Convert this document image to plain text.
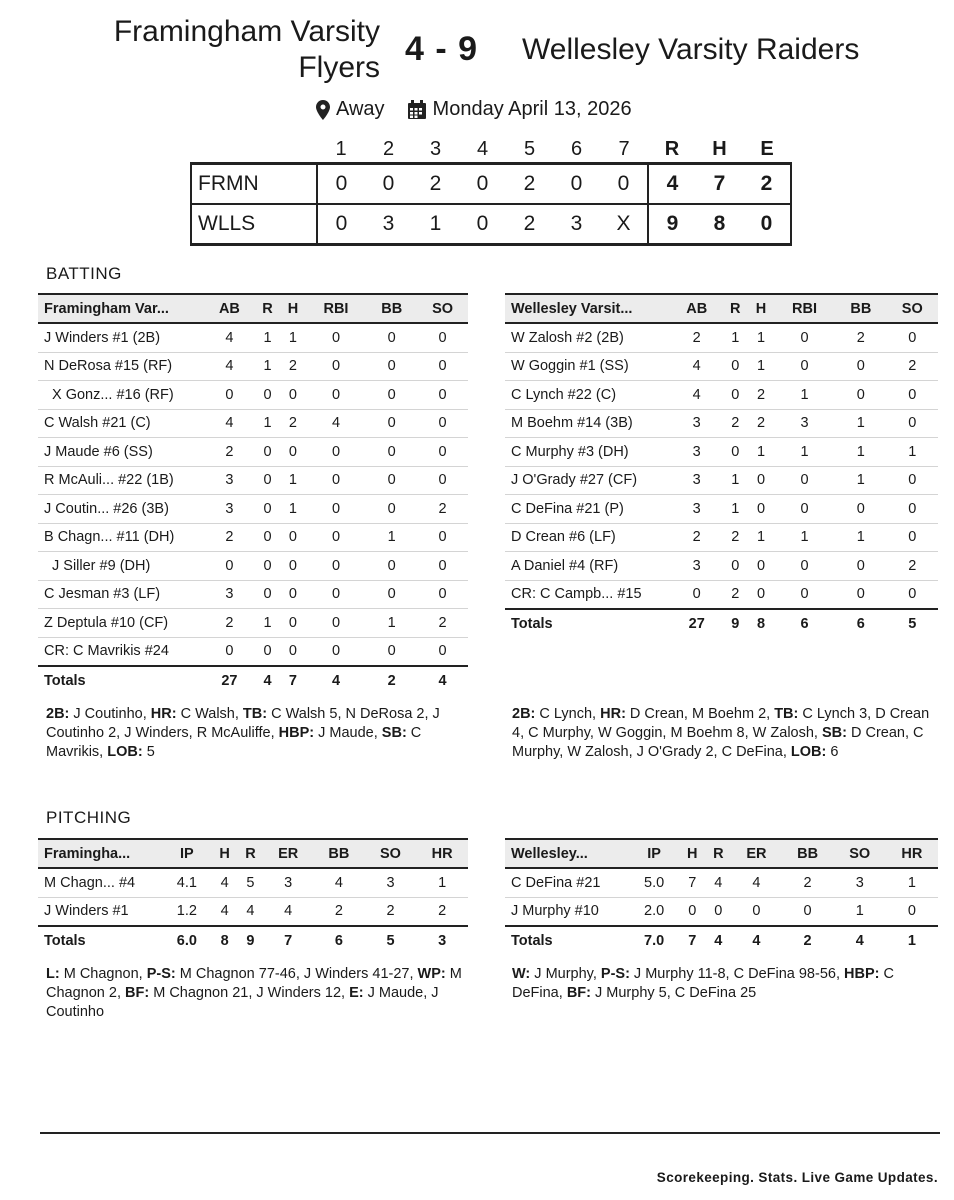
Framingham Varsity Flyers 4 - 9 Wellesley Varsity Raiders
Away Monday April 13, 2026
	1	2	3	4	5	6	7	R	H	E
FRMN	0	0	2	0	2	0	0	4	7	2
WLLS	0	3	1	0	2	3	X	9	8	0
BATTING
Framingham Var...	AB	R	H	RBI	BB	SO
J Winders #1 (2B)	4	1	1	0	0	0
N DeRosa #15 (RF)	4	1	2	0	0	0
X Gonz... #16 (RF)	0	0	0	0	0	0
C Walsh #21 (C)	4	1	2	4	0	0
J Maude #6 (SS)	2	0	0	0	0	0
R McAuli... #22 (1B)	3	0	1	0	0	0
J Coutin... #26 (3B)	3	0	1	0	0	2
B Chagn... #11 (DH)	2	0	0	0	1	0
J Siller #9 (DH)	0	0	0	0	0	0
C Jesman #3 (LF)	3	0	0	0	0	0
Z Deptula #10 (CF)	2	1	0	0	1	2
CR: C Mavrikis #24	0	0	0	0	0	0
Totals	27	4	7	4	2	4
Wellesley Varsit...	AB	R	H	RBI	BB	SO
W Zalosh #2 (2B)	2	1	1	0	2	0
W Goggin #1 (SS)	4	0	1	0	0	2
C Lynch #22 (C)	4	0	2	1	0	0
M Boehm #14 (3B)	3	2	2	3	1	0
C Murphy #3 (DH)	3	0	1	1	1	1
J O'Grady #27 (CF)	3	1	0	0	1	0
C DeFina #21 (P)	3	1	0	0	0	0
D Crean #6 (LF)	2	2	1	1	1	0
A Daniel #4 (RF)	3	0	0	0	0	2
CR: C Campb... #15	0	2	0	0	0	0
Totals	27	9	8	6	6	5
2B: J Coutinho, HR: C Walsh, TB: C Walsh 5, N DeRosa 2, J Coutinho 2, J Winders, R McAuliffe, HBP: J Maude, SB: C Mavrikis, LOB: 5
2B: C Lynch, HR: D Crean, M Boehm 2, TB: C Lynch 3, D Crean 4, C Murphy, W Goggin, M Boehm 8, W Zalosh, SB: D Crean, C Murphy, W Zalosh, J O'Grady 2, C DeFina, LOB: 6
PITCHING
Framingha...	IP	H	R	ER	BB	SO	HR
M Chagn... #4	4.1	4	5	3	4	3	1
J Winders #1	1.2	4	4	4	2	2	2
Totals	6.0	8	9	7	6	5	3
Wellesley...	IP	H	R	ER	BB	SO	HR
C DeFina #21	5.0	7	4	4	2	3	1
J Murphy #10	2.0	0	0	0	0	1	0
Totals	7.0	7	4	4	2	4	1
L: M Chagnon, P-S: M Chagnon 77-46, J Winders 41-27, WP: M Chagnon 2, BF: M Chagnon 21, J Winders 12, E: J Maude, J Coutinho
W: J Murphy, P-S: J Murphy 11-8, C DeFina 98-56, HBP: C DeFina, BF: J Murphy 5, C DeFina 25
Scorekeeping. Stats. Live Game Updates.
